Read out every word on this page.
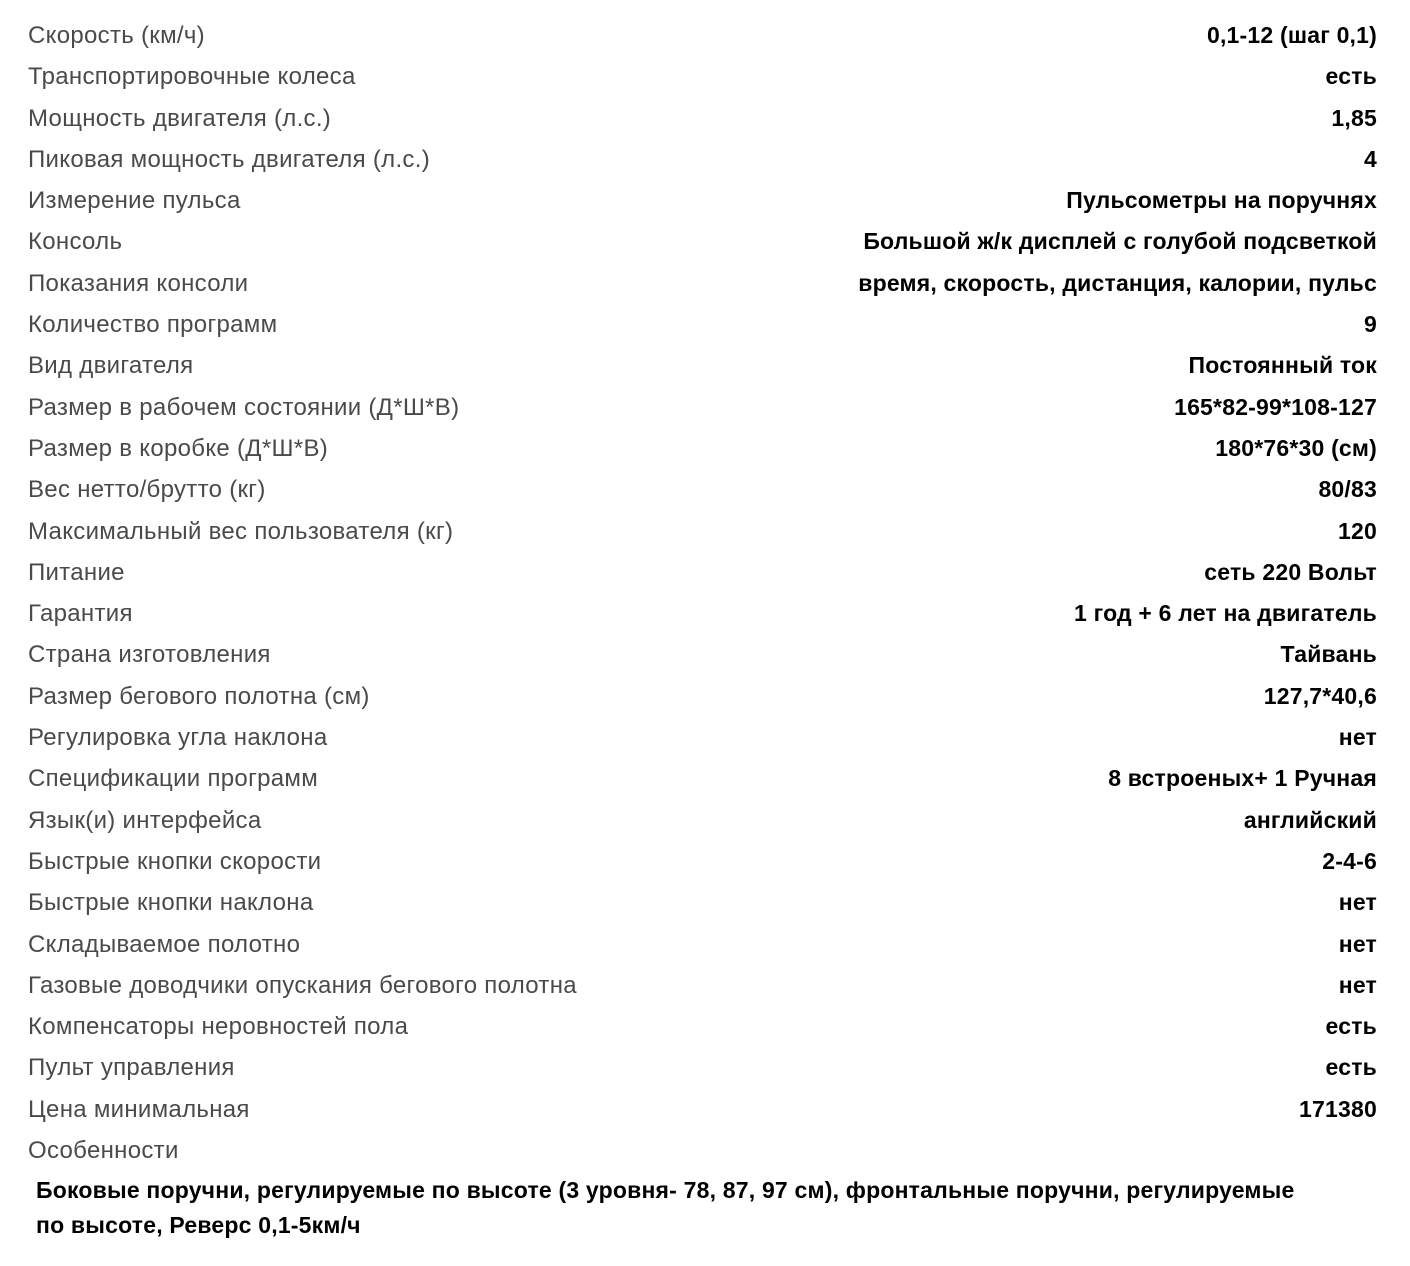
Скорость (км/ч)	0,1-12 (шаг 0,1)
Транспортировочные колеса	есть
Мощность двигателя (л.с.)	1,85
Пиковая мощность двигателя (л.с.)	4
Измерение пульса	Пульсометры на поручнях
Консоль	Большой ж/к дисплей с голубой подсветкой
Показания консоли	время, скорость, дистанция, калории, пульс
Количество программ	9
Вид двигателя	Постоянный ток
Размер в рабочем состоянии (Д*Ш*В)	165*82-99*108-127
Размер в коробке (Д*Ш*В)	180*76*30 (см)
Вес нетто/брутто (кг)	80/83
Максимальный вес пользователя (кг)	120
Питание	сеть 220 Вольт
Гарантия	1 год + 6 лет на двигатель
Страна изготовления	Тайвань
Размер бегового полотна (см)	127,7*40,6
Регулировка угла наклона	нет
Спецификации программ	8 встроеных+ 1 Ручная
Язык(и) интерфейса	английский
Быстрые кнопки скорости	2-4-6
Быстрые кнопки наклона	нет
Складываемое полотно	нет
Газовые доводчики опускания бегового полотна	нет
Компенсаторы неровностей пола	есть
Пульт управления	есть
Цена минимальная	171380
Особенности
Боковые поручни, регулируемые по высоте (3 уровня- 78, 87, 97 см), фронтальные поручни, регулируемые по высоте, Реверс 0,1-5км/ч
